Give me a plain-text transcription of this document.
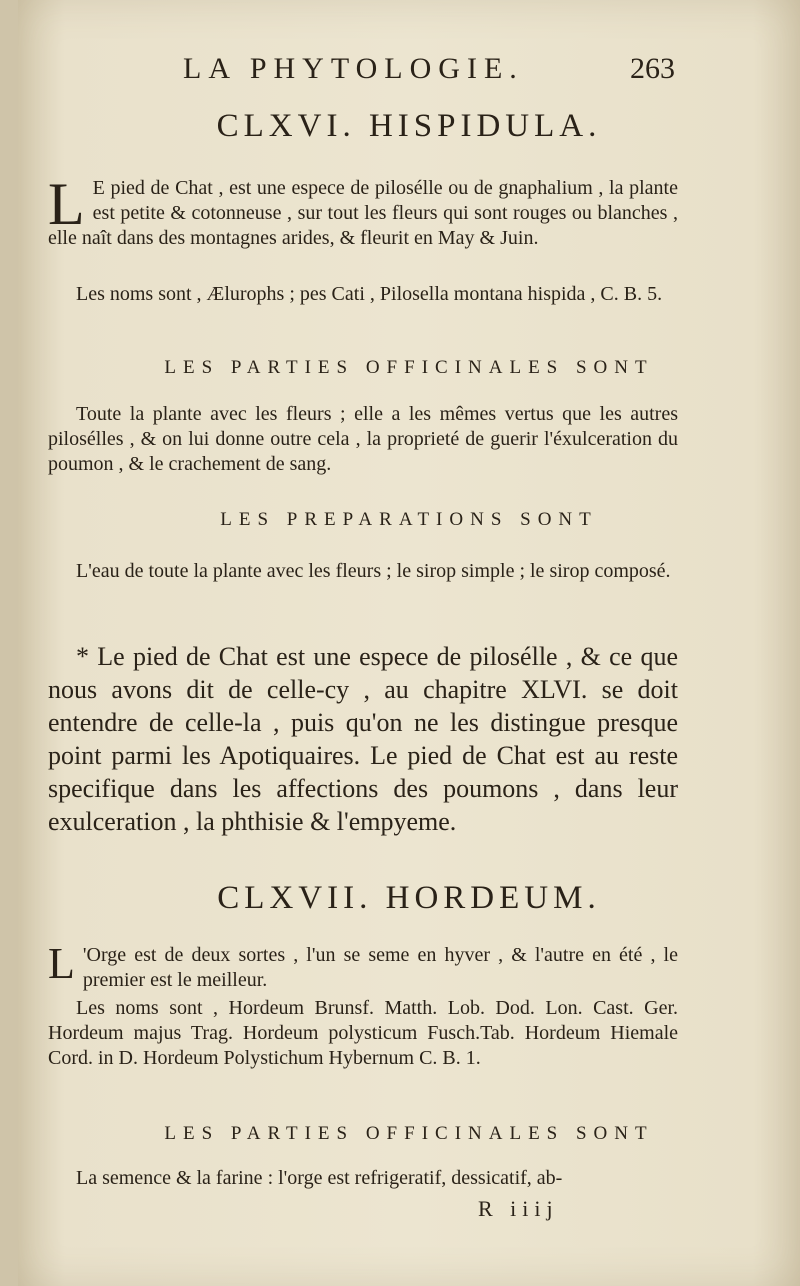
LA PHYTOLOGIE.	263
CLXVI. HISPIDULA.

L E pied de Chat , est une espece de pilosélle ou de gnaphalium , la plante est petite & cotonneuse , sur tout les fleurs qui sont rouges ou blanches , elle naît dans des montagnes arides, & fleurit en May & Juin.

Les noms sont , Ælurophs ; pes Cati , Pilosella montana hispida , C. B. 5.

LES PARTIES OFFICINALES SONT

Toute la plante avec les fleurs ; elle a les mêmes vertus que les autres pilosélles , & on lui donne outre cela , la proprieté de guerir l'éxulceration du poumon , & le crachement de sang.

LES PREPARATIONS SONT

L'eau de toute la plante avec les fleurs ; le sirop simple ; le sirop composé.

* Le pied de Chat est une espece de pilosélle , & ce que nous avons dit de celle-cy , au chapitre XLVI. se doit entendre de celle-la , puis qu'on ne les distingue presque point parmi les Apotiquaires. Le pied de Chat est au reste specifique dans les affections des poumons , dans leur exulceration , la phthisie & l'empyeme.

CLXVII. HORDEUM.

L 'Orge est de deux sortes , l'un se seme en hyver , & l'autre en été , le premier est le meilleur.

Les noms sont , Hordeum Brunsf. Matth. Lob. Dod. Lon. Cast. Ger. Hordeum majus Trag. Hordeum polysticum Fusch.Tab. Hordeum Hiemale Cord. in D. Hordeum Polystichum Hybernum C. B. 1.

LES PARTIES OFFICINALES SONT

La semence & la farine : l'orge est refrigeratif, dessicatif, ab-

R iiij
